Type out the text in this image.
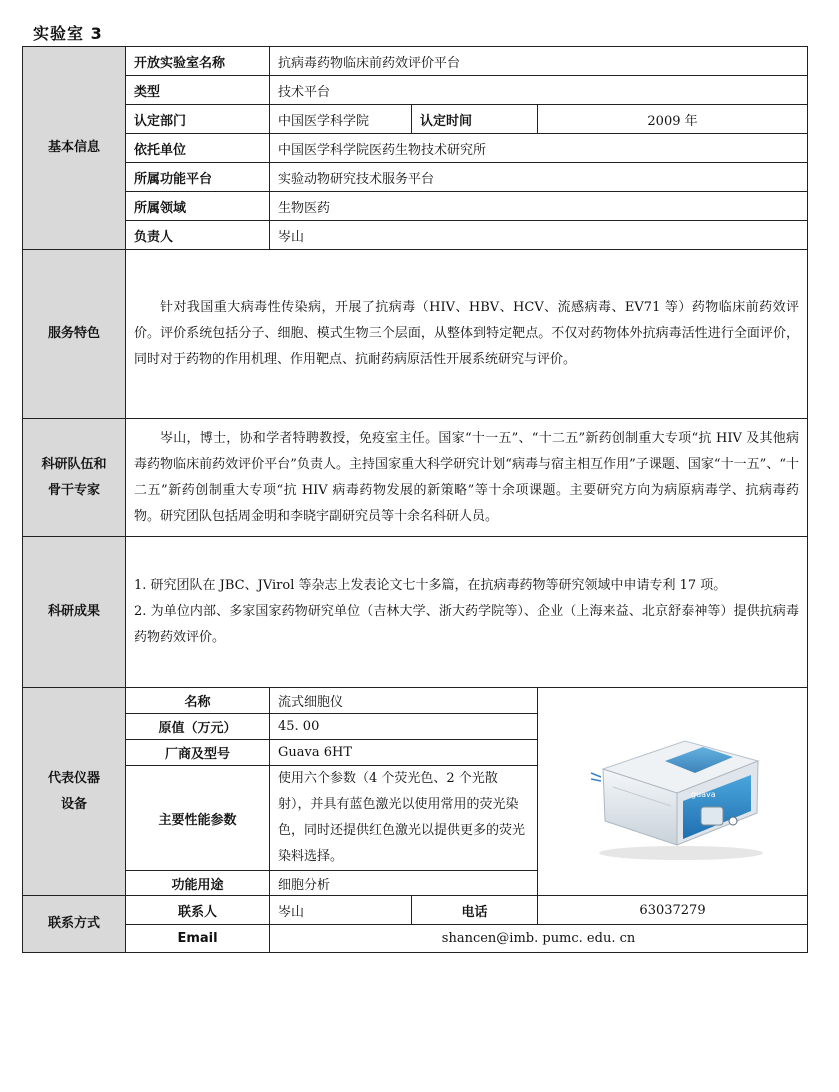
实验室 3
基本信息	开放实验室名称	抗病毒药物临床前药效评价平台		
	类型	技术平台		
	认定部门	中国医学科学院	认定时间	2009 年
	依托单位	中国医学科学院医药生物技术研究所		
	所属功能平台	实验动物研究技术服务平台		
	所属领域	生物医药		
	负责人	岑山		
服务特色	针对我国重大病毒性传染病，开展了抗病毒（HIV、HBV、HCV、流感病毒、EV71 等）药物临床前药效评价。评价系统包括分子、细胞、模式生物三个层面，从整体到特定靶点。不仅对药物体外抗病毒活性进行全面评价，同时对于药物的作用机理、作用靶点、抗耐药病原活性开展系统研究与评价。			

科研队伍和
骨干专家	岑山，博士，协和学者特聘教授，免疫室主任。国家“十一五”、“十二五”新药创制重大专项“抗 HIV 及其他病毒药物临床前药效评价平台”负责人。主持国家重大科学研究计划“病毒与宿主相互作用”子课题、国家“十一五”、“十二五”新药创制重大专项“抗 HIV 病毒药物发展的新策略”等十余项课题。主要研究方向为病原病毒学、抗病毒药物。研究团队包括周金明和李晓宇副研究员等十余名科研人员。			

科研成果	1. 研究团队在 JBC、JVirol 等杂志上发表论文七十多篇，在抗病毒药物等研究领域中申请专利 17 项。

2. 为单位内部、多家国家药物研究单位（吉林大学、浙大药学院等）、企业（上海来益、北京舒泰神等）提供抗病毒药物药效评价。			

代表仪器
设备	名称	流式细胞仪		guava

	原值（万元）	45. 00		
	厂商及型号	Guava 6HT		
	主要性能参数	使用六个参数（4 个荧光色、2 个光散射），并具有蓝色激光以使用常用的荧光染色，同时还提供红色激光以提供更多的荧光染料选择。		
	功能用途	细胞分析		
联系方式	联系人	岑山	电话	63037279
	Email	shancen@imb. pumc. edu. cn		
